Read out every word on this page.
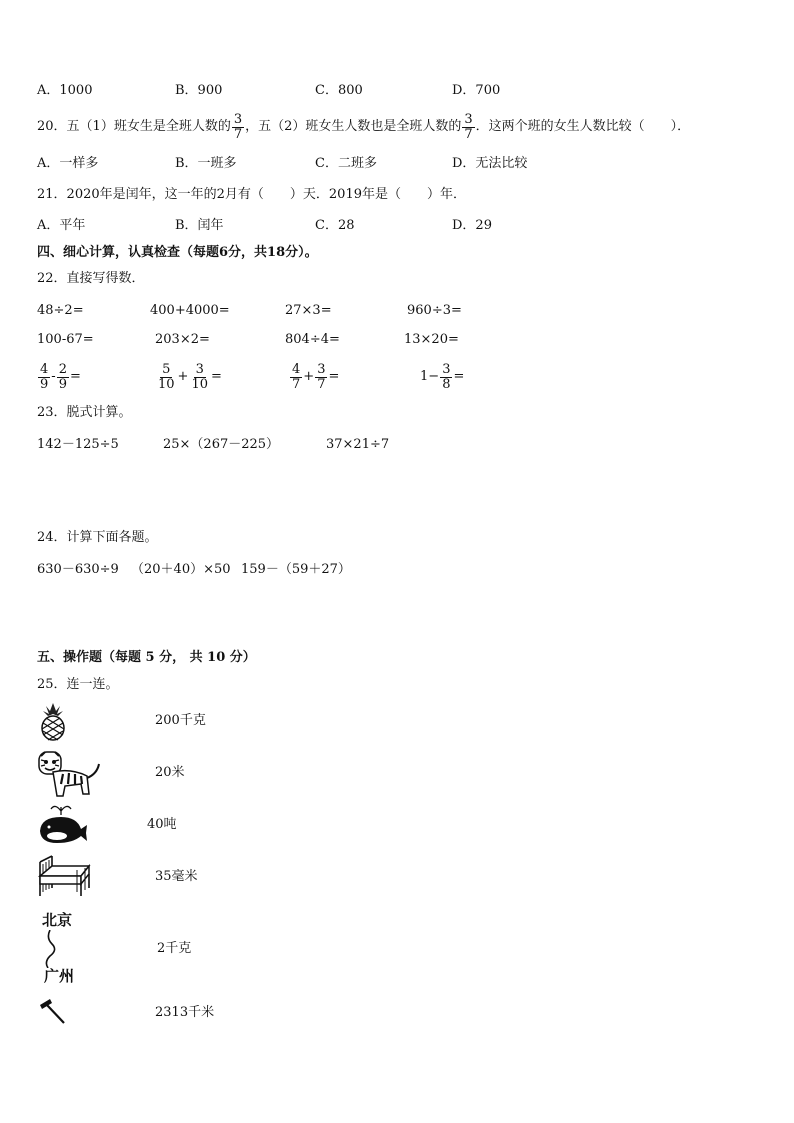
A．1000	B．900	C．800	D．700
20．五（1）班女生是全班人数的 $\frac{3}{7}$ ，五（2）班女生人数也是全班人数的 $\frac{3}{7}$ ．这两个班的女生人数比较（　　）．
A．一样多	B．一班多	C．二班多	D．无法比较
21．2020年是闰年，这一年的2月有（　　）天．2019年是（　　）年．
A．平年	B．闰年	C．28	D．29
四、细心计算，认真检查（每题6分，共18分）。
22．直接写得数．
48÷2=	400+4000=	27×3=	960÷3=
100-67=	203×2=	804÷4=	13×20=
$\frac{4}{9} - \frac{2}{9}$ =	$\frac{5}{10} + \frac{3}{10}$ =	$\frac{4}{7} + \frac{3}{7}$ =	$1 - \frac{3}{8}$ =
23．脱式计算。
142－125÷5	25×（267－225）	37×21÷7
24．计算下面各题。
630－630÷9 （20＋40）×50 159－（59＋27）
五、操作题（每题 5 分， 共 10 分）
25．连一连。
200千克
20米
40吨
35毫米
北京
广州
2千克
2313千米
